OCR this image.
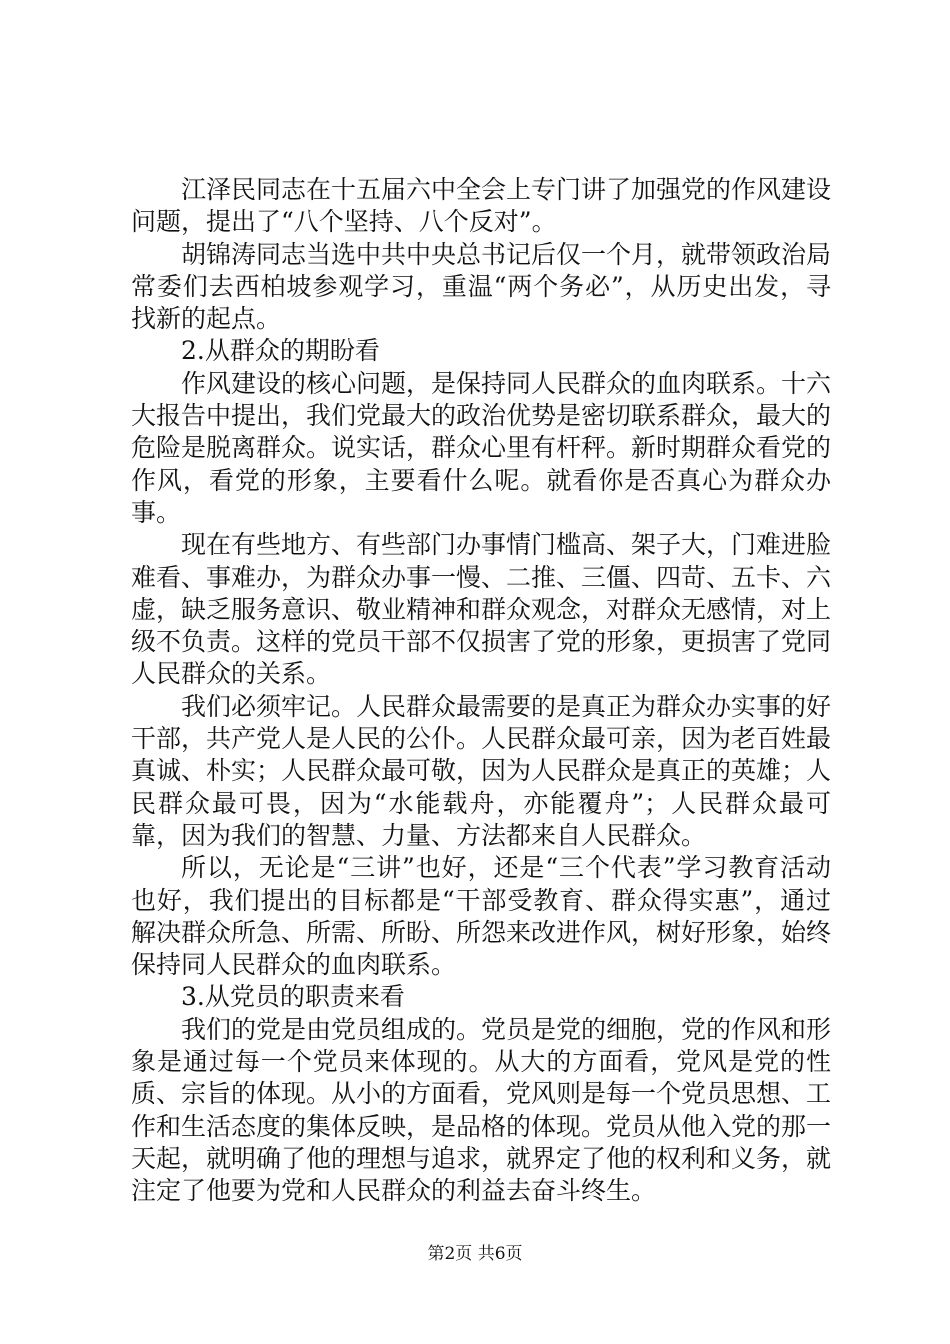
江泽民同志在十五届六中全会上专门讲了加强党的作风建设问题，提出了“八个坚持、八个反对”。

胡锦涛同志当选中共中央总书记后仅一个月，就带领政治局常委们去西柏坡参观学习，重温“两个务必”，从历史出发，寻找新的起点。

2.从群众的期盼看

作风建设的核心问题，是保持同人民群众的血肉联系。十六大报告中提出，我们党最大的政治优势是密切联系群众，最大的危险是脱离群众。说实话，群众心里有杆秤。新时期群众看党的作风，看党的形象，主要看什么呢。就看你是否真心为群众办事。

现在有些地方、有些部门办事情门槛高、架子大，门难进脸难看、事难办，为群众办事一慢、二推、三僵、四苛、五卡、六虚，缺乏服务意识、敬业精神和群众观念，对群众无感情，对上级不负责。这样的党员干部不仅损害了党的形象，更损害了党同人民群众的关系。

我们必须牢记。人民群众最需要的是真正为群众办实事的好干部，共产党人是人民的公仆。人民群众最可亲，因为老百姓最真诚、朴实；人民群众最可敬，因为人民群众是真正的英雄；人民群众最可畏，因为“水能载舟，亦能覆舟”；人民群众最可靠，因为我们的智慧、力量、方法都来自人民群众。

所以，无论是“三讲”也好，还是“三个代表”学习教育活动也好，我们提出的目标都是“干部受教育、群众得实惠”，通过解决群众所急、所需、所盼、所怨来改进作风，树好形象，始终保持同人民群众的血肉联系。

3.从党员的职责来看

我们的党是由党员组成的。党员是党的细胞，党的作风和形象是通过每一个党员来体现的。从大的方面看，党风是党的性质、宗旨的体现。从小的方面看，党风则是每一个党员思想、工作和生活态度的集体反映，是品格的体现。党员从他入党的那一天起，就明确了他的理想与追求，就界定了他的权利和义务，就注定了他要为党和人民群众的利益去奋斗终生。

第2页 共6页
